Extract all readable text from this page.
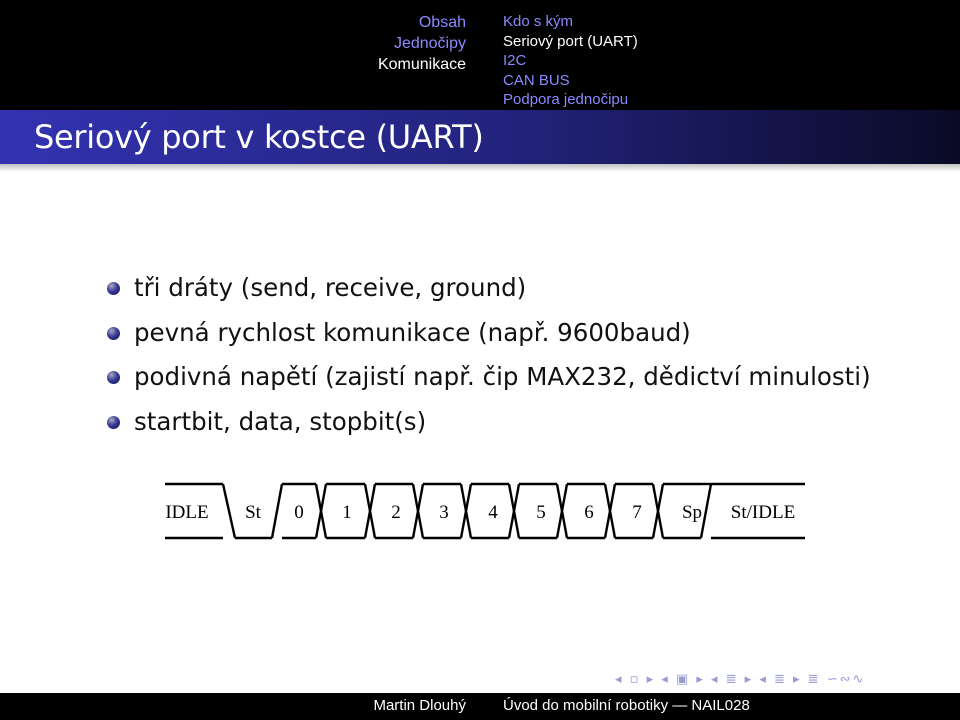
Obsah
Jednočipy
Komunikace
Kdo s kým
Seriový port (UART)
I2C
CAN BUS
Podpora jednočipu
Seriový port v kostce (UART)
tři dráty (send, receive, ground)
pevná rychlost komunikace (např. 9600baud)
podivná napětí (zajistí např. čip MAX232, dědictví minulosti)
startbit, data, stopbit(s)
IDLE St 0 1 2 3 4 5 6 7 Sp St/IDLE
◂ ▫ ▸ ◂ ▣ ▸ ◂ ≣ ▸ ◂ ≣ ▸ ≣ ∽∾∿
Martin Dlouhý Úvod do mobilní robotiky — NAIL028
